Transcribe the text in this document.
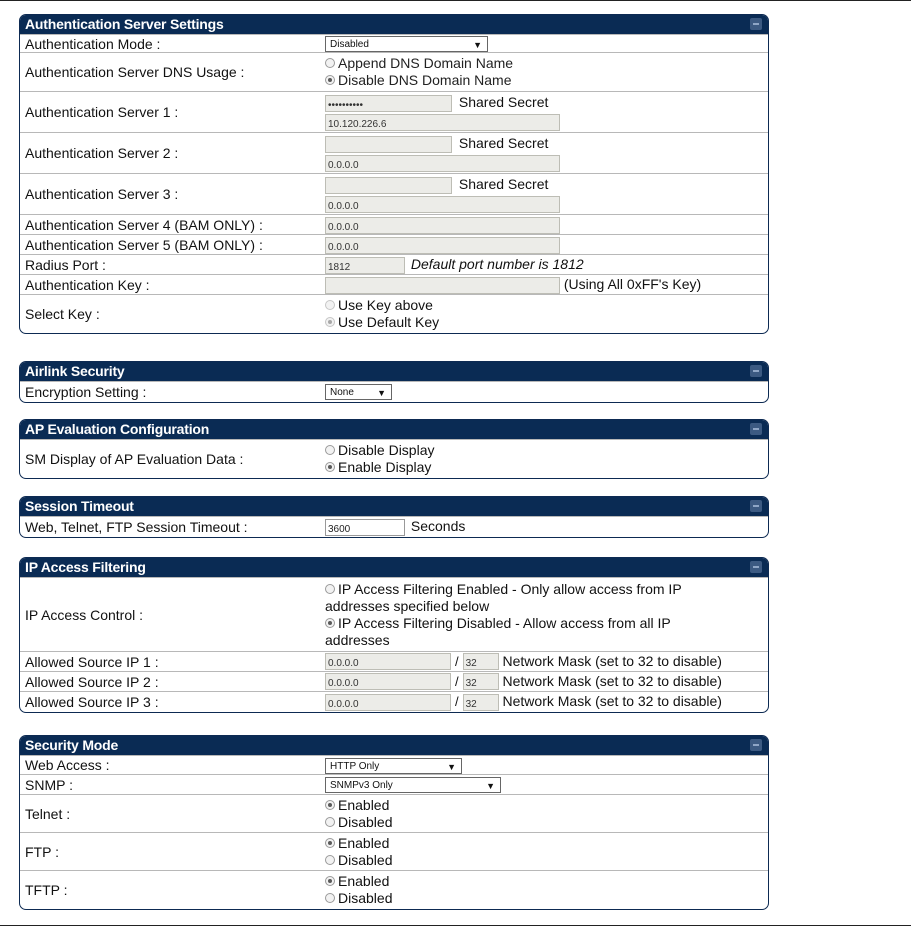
Authentication Server Settings
Authentication Mode :	Disabled ▼

Authentication Server DNS Usage :	Append DNS Domain Name
Disable DNS Domain Name

Authentication Server 1 :	•••••••••• Shared Secret
10.120.226.6

Authentication Server 2 :	Shared Secret
0.0.0.0

Authentication Server 3 :	Shared Secret
0.0.0.0

Authentication Server 4 (BAM ONLY) :	0.0.0.0
Authentication Server 5 (BAM ONLY) :	0.0.0.0
Radius Port :	1812 Default port number is 1812
Authentication Key :	(Using All 0xFF's Key)
Select Key :	Use Key above
Use Default Key
Airlink Security
Encryption Setting :	None	▼
AP Evaluation Configuration
SM Display of AP Evaluation Data :	
Disable Display
Enable Display
Session Timeout
Web, Telnet, FTP Session Timeout :	3600	Seconds
IP Access Filtering
IP Access Control :	IP Access Filtering Enabled - Only allow access from IP
addresses specified below
IP Access Filtering Disabled - Allow access from all IP
addresses

Allowed Source IP 1 :	0.0.0.0 / 32 Network Mask (set to 32 to disable)
Allowed Source IP 2 :	0.0.0.0 / 32 Network Mask (set to 32 to disable)
Allowed Source IP 3 :	0.0.0.0 / 32 Network Mask (set to 32 to disable)
Security Mode
Web Access :	HTTP Only ▼

SNMP :	SNMPv3 Only ▼

Telnet :	Enabled
Disabled

FTP :	Enabled
Disabled

TFTP :	Enabled
Disabled
